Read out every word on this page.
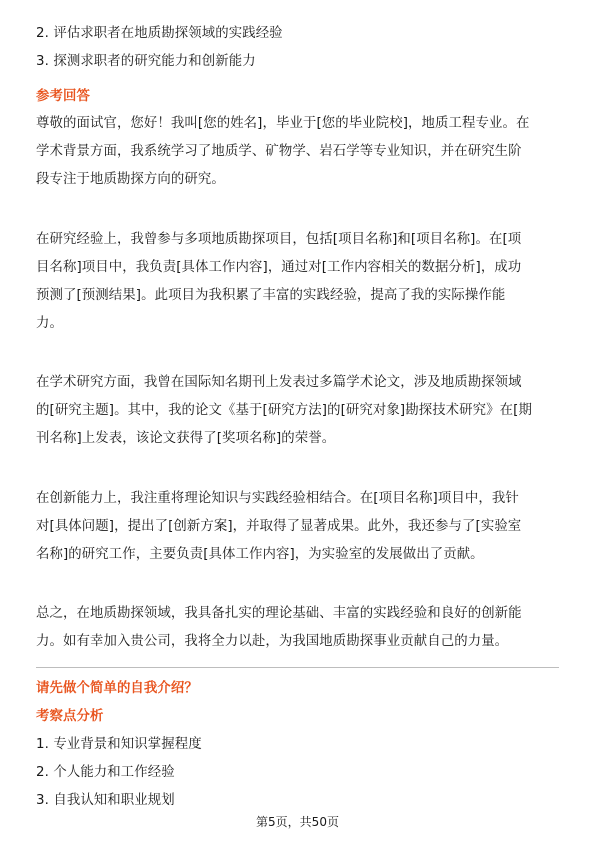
2. 评估求职者在地质勘探领域的实践经验
3. 探测求职者的研究能力和创新能力
参考回答
尊敬的面试官，您好！我叫[您的姓名]，毕业于[您的毕业院校]，地质工程专业。在
学术背景方面，我系统学习了地质学、矿物学、岩石学等专业知识，并在研究生阶
段专注于地质勘探方向的研究。
在研究经验上，我曾参与多项地质勘探项目，包括[项目名称]和[项目名称]。在[项
目名称]项目中，我负责[具体工作内容]，通过对[工作内容相关的数据分析]，成功
预测了[预测结果]。此项目为我积累了丰富的实践经验，提高了我的实际操作能
力。
在学术研究方面，我曾在国际知名期刊上发表过多篇学术论文，涉及地质勘探领域
的[研究主题]。其中，我的论文《基于[研究方法]的[研究对象]勘探技术研究》在[期
刊名称]上发表，该论文获得了[奖项名称]的荣誉。
在创新能力上，我注重将理论知识与实践经验相结合。在[项目名称]项目中，我针
对[具体问题]，提出了[创新方案]，并取得了显著成果。此外，我还参与了[实验室
名称]的研究工作，主要负责[具体工作内容]，为实验室的发展做出了贡献。
总之，在地质勘探领域，我具备扎实的理论基础、丰富的实践经验和良好的创新能
力。如有幸加入贵公司，我将全力以赴，为我国地质勘探事业贡献自己的力量。
请先做个简单的自我介绍？
考察点分析
1. 专业背景和知识掌握程度
2. 个人能力和工作经验
3. 自我认知和职业规划
第5页，共50页
